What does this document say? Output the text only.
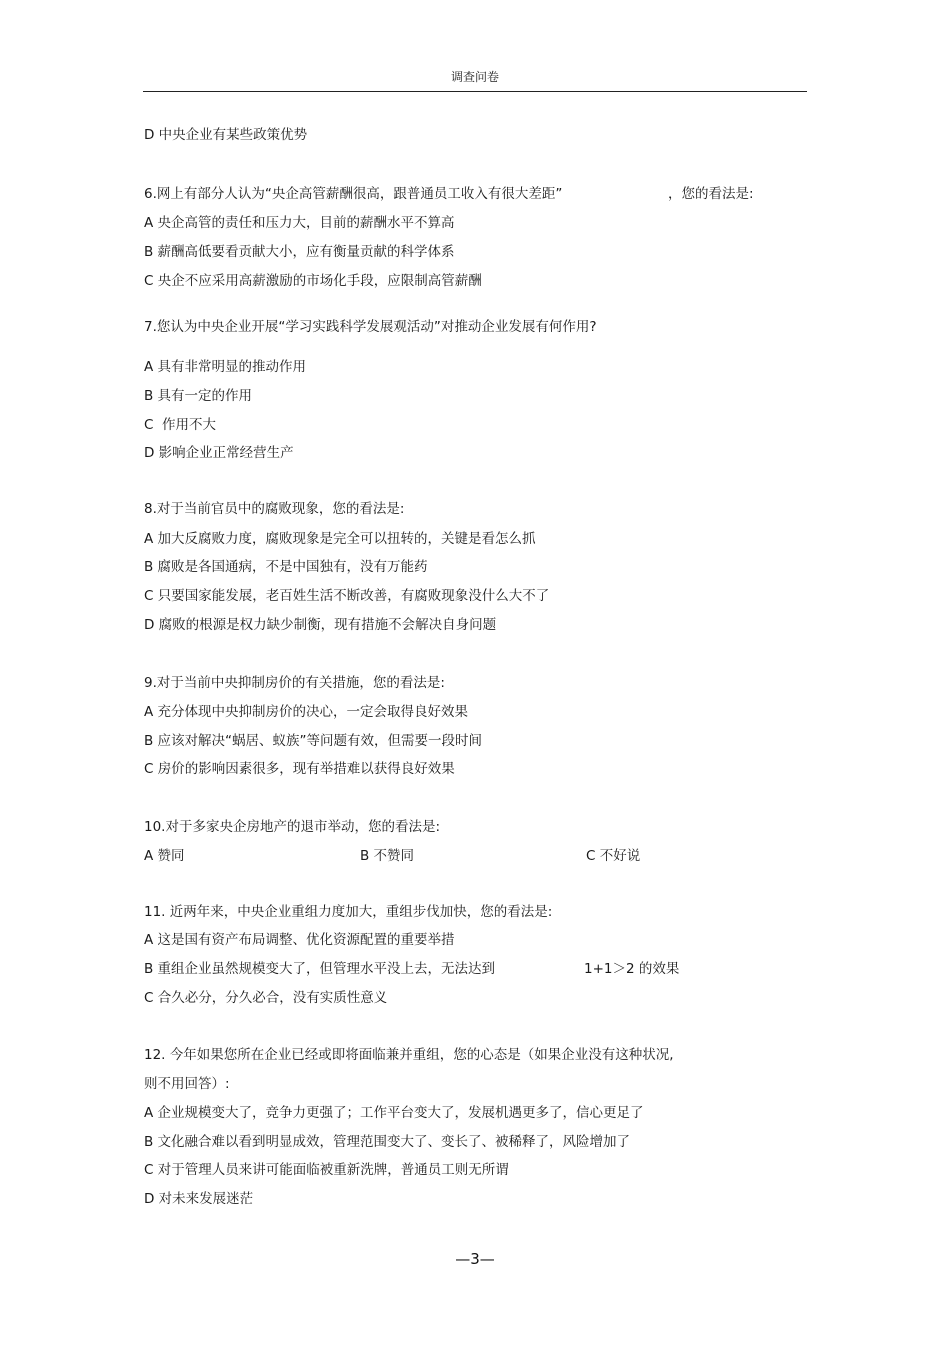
调查问卷
D 中央企业有某些政策优势
6.网上有部分人认为“央企高管薪酬很高，跟普通员工收入有很大差距”	，您的看法是:
A 央企高管的责任和压力大，目前的薪酬水平不算高
B 薪酬高低要看贡献大小，应有衡量贡献的科学体系
C 央企不应采用高薪激励的市场化手段，应限制高管薪酬
7.您认为中央企业开展“学习实践科学发展观活动”对推动企业发展有何作用?
A 具有非常明显的推动作用
B 具有一定的作用
C  作用不大
D 影响企业正常经营生产
8.对于当前官员中的腐败现象，您的看法是:
A 加大反腐败力度，腐败现象是完全可以扭转的，关键是看怎么抓
B 腐败是各国通病，不是中国独有，没有万能药
C 只要国家能发展，老百姓生活不断改善，有腐败现象没什么大不了
D 腐败的根源是权力缺少制衡，现有措施不会解决自身问题
9.对于当前中央抑制房价的有关措施，您的看法是:
A 充分体现中央抑制房价的决心，一定会取得良好效果
B 应该对解决“蜗居、蚁族”等问题有效，但需要一段时间
C 房价的影响因素很多，现有举措难以获得良好效果
10.对于多家央企房地产的退市举动，您的看法是:
A 赞同	B 不赞同	C 不好说
11. 近两年来，中央企业重组力度加大，重组步伐加快，您的看法是:
A 这是国有资产布局调整、优化资源配置的重要举措
B 重组企业虽然规模变大了，但管理水平没上去，无法达到	1+1＞2 的效果
C 合久必分，分久必合，没有实质性意义
12. 今年如果您所在企业已经或即将面临兼并重组，您的心态是（如果企业没有这种状况,
则不用回答）:
A 企业规模变大了，竞争力更强了；工作平台变大了，发展机遇更多了，信心更足了
B 文化融合难以看到明显成效，管理范围变大了、变长了、被稀释了，风险增加了
C 对于管理人员来讲可能面临被重新洗牌，普通员工则无所谓
D 对未来发展迷茫
—3—
